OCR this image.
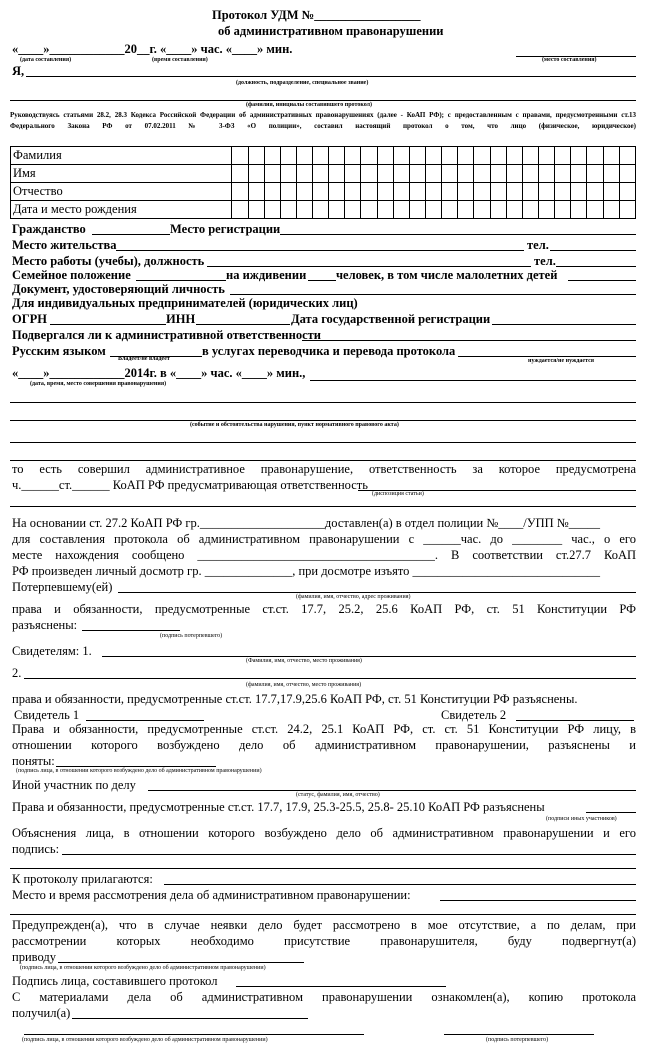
Протокол УДМ №_________________
об административном правонарушении
«____»____________20__г. «____» час. «____» мин.
(дата составления)	(время составления)	(место составления)
Я,
(должность, подразделение, специальное звание)
(фамилия, инициалы составившего протокол)
Руководствуясь статьями 28.2, 28.3 Кодекса Российской Федерации об административных правонарушениях (далее - КоАП РФ); с предоставленным с правами, предусмотренными ст.13 Федерального Закона РФ от 07.02.2011 № 3-ФЗ «О полиции», составил настоящий протокол о том, что лицо (физическое, юридическое)
Фамилия																									
Имя																									
Отчество																									
Дата и место рождения																									
Гражданство	Место регистрации
Место жительства	тел.
Место работы (учебы), должность	тел.
Семейное положение	на иждивении человек, в том числе малолетних детей
Документ, удостоверяющий личность
Для индивидуальных предпринимателей (юридических лиц)
ОГРН	ИНН	Дата государственной регистрации
Подвергался ли к административной ответственности
Русским языком	в услугах переводчика и перевода протокола
Владеет/не владеет	нуждается/не нуждается
«____»____________2014г. в «____» час. «____» мин.,
(дата, время, место совершения правонарушения)
(событие и обстоятельства нарушения, пункт нормативного правового акта)
то есть совершил административное правонарушение, ответственность за которое предусмотрена
ч.______ст.______ КоАП РФ предусматривающая ответственность
(диспозиция статьи)
На основании ст. 27.2 КоАП РФ гр.____________________доставлен(а) в отдел полиции №____/УПП №_____
для составления протокола об административном правонарушении с ______час. до ________ час., о его
месте нахождения сообщено ______________________________________. В соответствии ст.27.7 КоАП
РФ произведен личный досмотр гр. ______________, при досмотре изъято ______________________________
Потерпевшему(ей)
(фамилия, имя, отчество, адрес проживания)
права и обязанности, предусмотренные ст.ст. 17.7, 25.2, 25.6 КоАП РФ, ст. 51 Конституции РФ
разъяснены:
(подпись потерпевшего)
Свидетелям: 1.
(Фамилия, имя, отчество, место проживания)
2.
(фамилия, имя, отчество, место проживания)
права и обязанности, предусмотренные ст.ст. 17.7,17.9,25.6 КоАП РФ, ст. 51 Конституции РФ разъяснены.
Свидетель 1	Свидетель 2
Права и обязанности, предусмотренные ст.ст. 24.2, 25.1 КоАП РФ, ст. ст. 51 Конституции РФ лицу, в
отношении которого возбуждено дело об административном правонарушении, разъяснены и
поняты:
(подпись лица, в отношении которого возбуждено дело об административном правонарушении)
Иной участник по делу
(статус, фамилия, имя, отчество)
Права и обязанности, предусмотренные ст.ст. 17.7, 17.9, 25.3-25.5, 25.8- 25.10 КоАП РФ разъяснены
(подписи иных участников)
Объяснения лица, в отношении которого возбуждено дело об административном правонарушении и его
подпись:
К протоколу прилагаются:
Место и время рассмотрения дела об административном правонарушении:
Предупрежден(а), что в случае неявки дело будет рассмотрено в мое отсутствие, а по делам, при
рассмотрении которых необходимо присутствие правонарушителя, буду подвергнут(а)
приводу
(подпись лица, в отношении которого возбуждено дело об административном правонарушении)
Подпись лица, составившего протокол
С материалами дела об административном правонарушении ознакомлен(а), копию протокола
получил(а)
(подпись лица, в отношении которого возбуждено дело об административном правонарушении)	(подпись потерпевшего)
